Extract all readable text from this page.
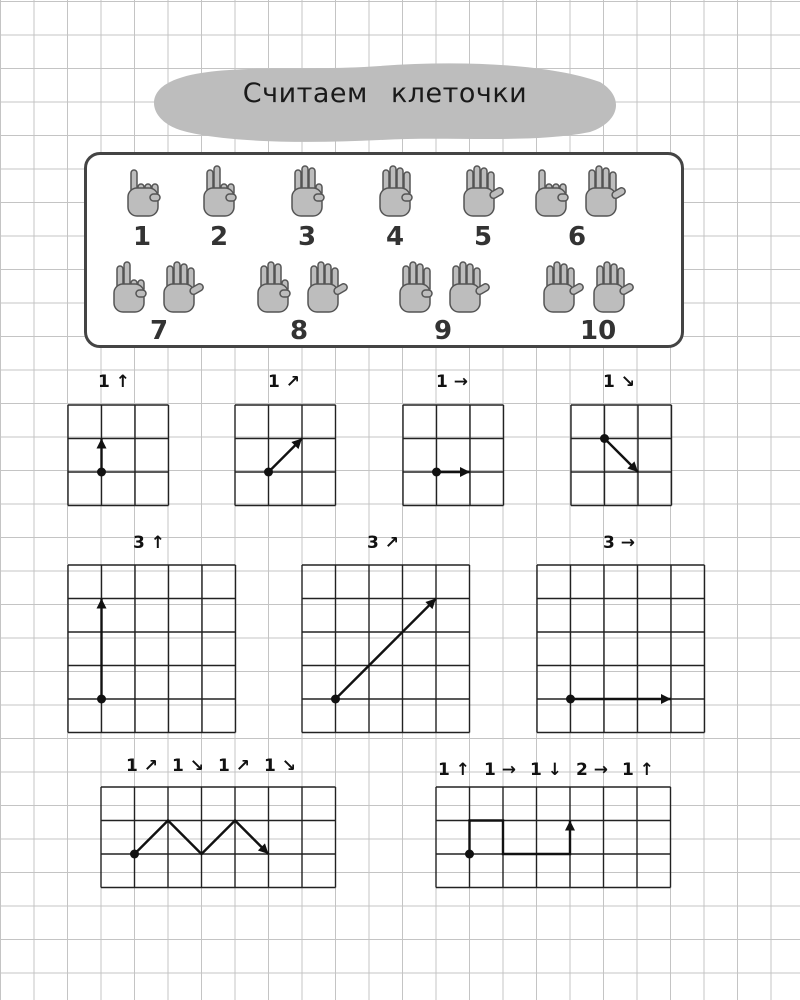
Считаем клеточки
1 2	3	4	5	6
7	8	9	10
1 ↑	1 ↗	1 →	1 ↘
3 ↑	3 ↗	3 →
1 ↗ 1 ↘ 1 ↗ 1 ↘	1 ↑ 1 → 1 ↓ 2 → 1 ↑
